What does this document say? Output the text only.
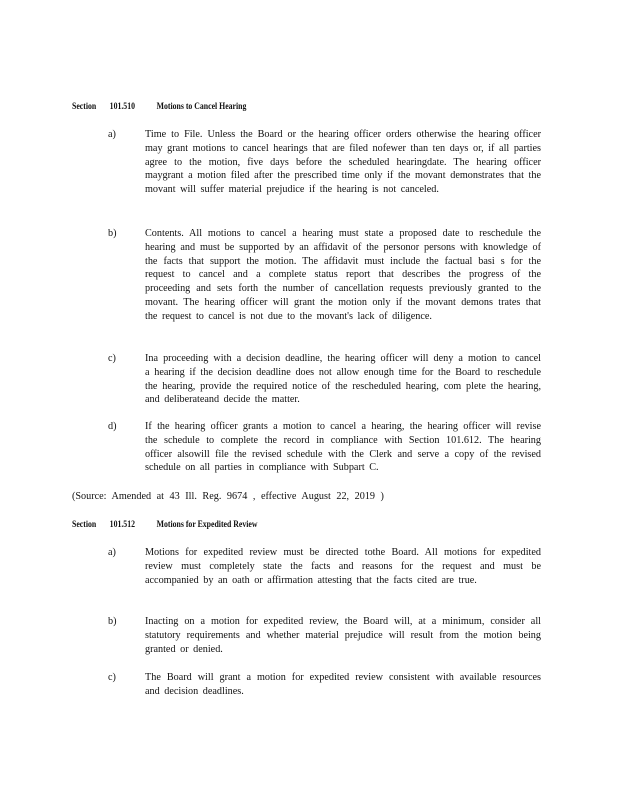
Section 101.510 Motions to Cancel Hearing
a)	Time to File. Unless the Board or the hearing officer orders otherwise the hearing officer may grant motions to cancel hearings that are filed nofewer than ten days or, if all parties agree to the motion, five days before the scheduled hearingdate. The hearing officer maygrant a motion filed after the prescribed time only if the movant demonstrates that the movant will suffer material prejudice if the hearing is not canceled.
b)	Contents. All motions to cancel a hearing must state a proposed date to reschedule the hearing and must be supported by an affidavit of the personor persons with knowledge of the facts that support the motion. The affidavit must include the factual basi s for the request to cancel and a complete status report that describes the progress of the proceeding and sets forth the number of cancellation requests previously granted to the movant. The hearing officer will grant the motion only if the movant demons trates that the request to cancel is not due to the movant's lack of diligence.
c)	Ina proceeding with a decision deadline, the hearing officer will deny a motion to cancel a hearing if the decision deadline does not allow enough time for the Board to reschedule the hearing, provide the required notice of the rescheduled hearing, com plete the hearing, and deliberateand decide the matter.
d)	If the hearing officer grants a motion to cancel a hearing, the hearing officer will revise the schedule to complete the record in compliance with Section 101.612. The hearing officer alsowill file the revised schedule with the Clerk and serve a copy of the revised schedule on all parties in compliance with Subpart C.
(Source: Amended at 43 Ill. Reg. 9674 , effective August 22, 2019 )
Section 101.512 Motions for Expedited Review
a)	Motions for expedited review must be directed tothe Board. All motions for expedited review must completely state the facts and reasons for the request and must be accompanied by an oath or affirmation attesting that the facts cited are true.
b)	Inacting on a motion for expedited review, the Board will, at a minimum, consider all statutory requirements and whether material prejudice will result from the motion being granted or denied.
c)	The Board will grant a motion for expedited review consistent with available resources and decision deadlines.
